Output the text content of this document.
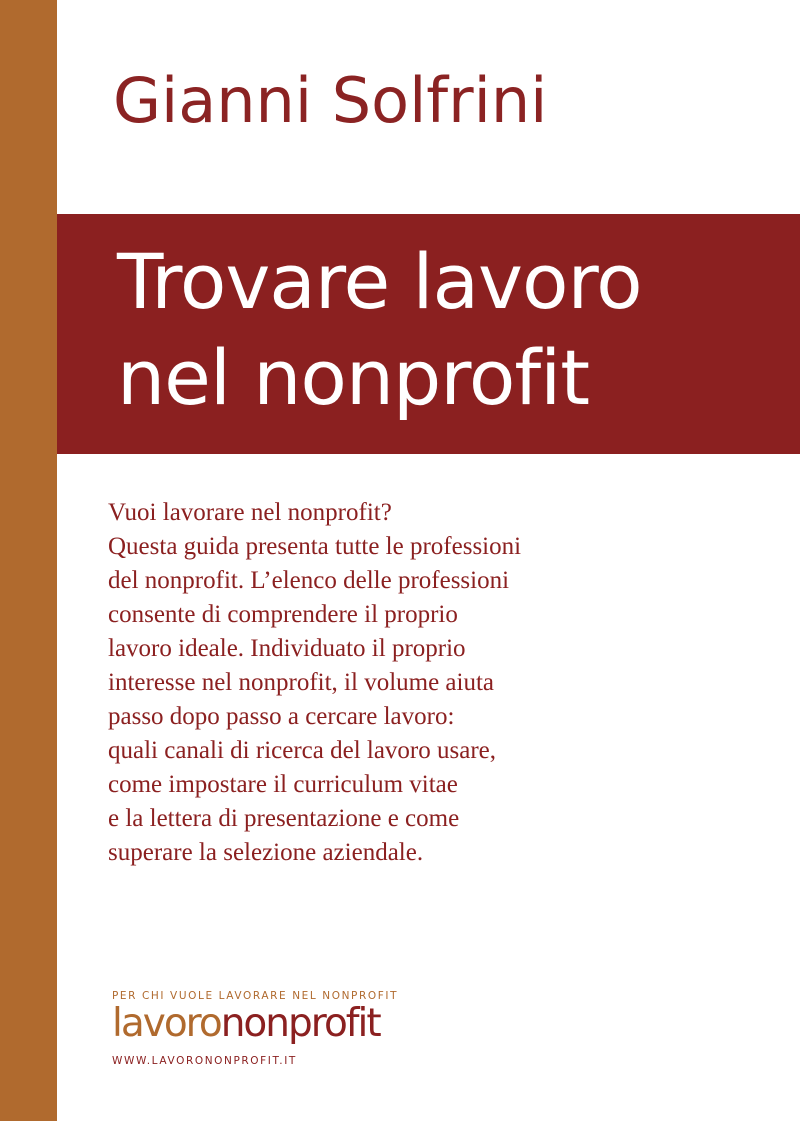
Gianni Solfrini
Trovare lavoro
nel nonprofit
Vuoi lavorare nel nonprofit?
Questa guida presenta tutte le professioni
del nonprofit. L’elenco delle professioni
consente di comprendere il proprio
lavoro ideale. Individuato il proprio
interesse nel nonprofit, il volume aiuta
passo dopo passo a cercare lavoro:
quali canali di ricerca del lavoro usare,
come impostare il curriculum vitae
e la lettera di presentazione e come
superare la selezione aziendale.
PER CHI VUOLE LAVORARE NEL NONPROFIT
lavorononprofit
WWW.LAVORONONPROFIT.IT
